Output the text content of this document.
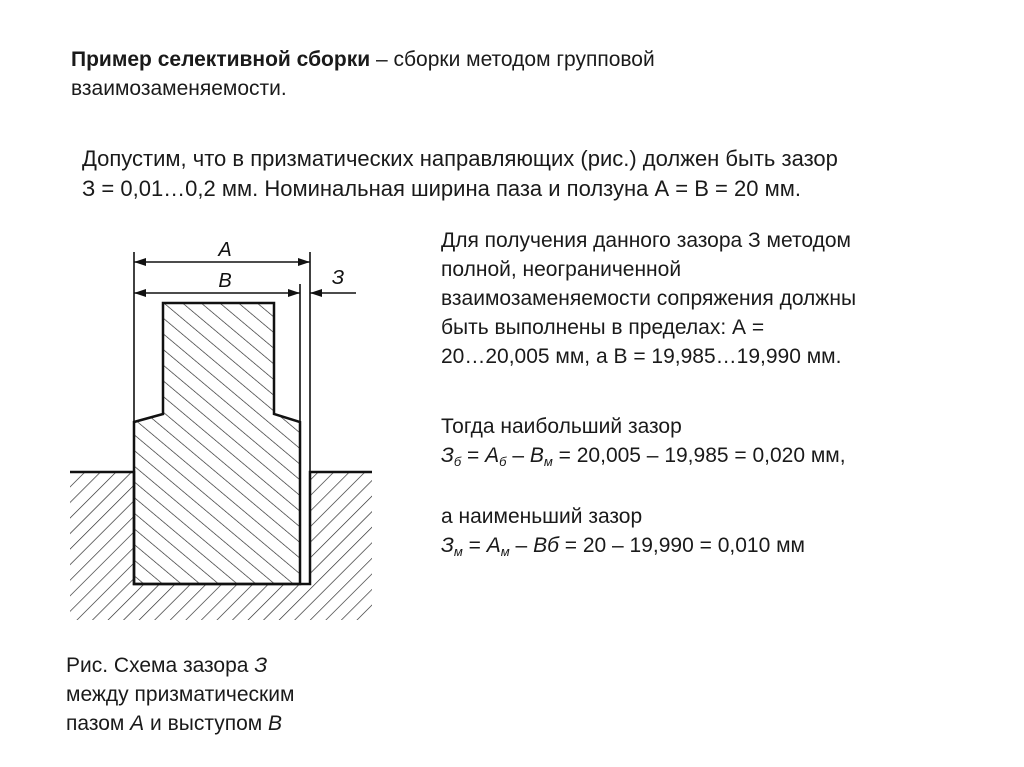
Пример селективной сборки – сборки методом групповой взаимозаменяемости.

Допустим, что в призматических направляющих (рис.) должен быть зазор
З = 0,01…0,2 мм. Номинальная ширина паза и ползуна А = В = 20 мм.

Для получения данного зазора З методом
полной, неограниченной
взаимозаменяемости сопряжения должны
быть выполнены в пределах: А =
20…20,005 мм, а В = 19,985…19,990 мм.

Тогда наибольший зазор
$З_б = А_б - В_м = 20,005 - 19,985 = 0,020$ мм,

а наименьший зазор
$З_м = А_м$ – Вб = 20 – 19,990 = 0,010 мм

А
В	З

Рис. Схема зазора З
между призматическим
пазом А и выступом В
